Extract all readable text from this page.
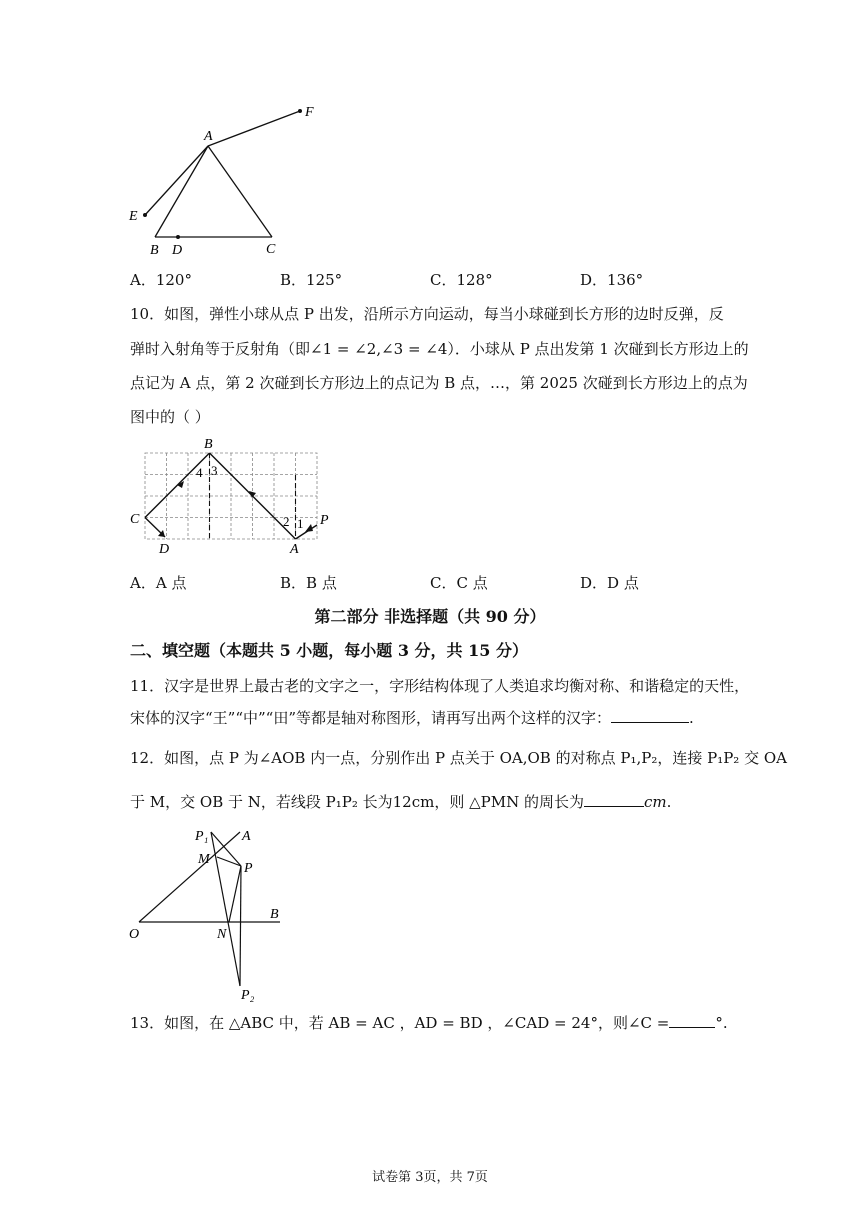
A
F
E
B D	C
A．120°	B．125°	C．128°	D．136°
10．如图，弹性小球从点 P 出发，沿所示方向运动，每当小球碰到长方形的边时反弹，反
弹时入射角等于反射角（即∠1 = ∠2,∠3 = ∠4）．小球从 P 点出发第 1 次碰到长方形边上的
点记为 A 点，第 2 次碰到长方形边上的点记为 B 点，…，第 2025 次碰到长方形边上的点为
图中的（ ）
B
C
D	A
P
2 1
4 3
A．A 点	B．B 点	C．C 点	D．D 点
第二部分 非选择题（共 90 分）
二、填空题（本题共 5 小题，每小题 3 分，共 15 分）
11．汉字是世界上最古老的文字之一，字形结构体现了人类追求均衡对称、和谐稳定的天性，
宋体的汉字“王”“中”“田”等都是轴对称图形，请再写出两个这样的汉字：	.
12．如图，点 P 为∠AOB 内一点，分别作出 P 点关于 OA,OB 的对称点 P₁,P₂，连接 P₁P₂ 交 OA
于 M，交 OB 于 N，若线段 P₁P₂ 长为12cm，则 △PMN 的周长为	cm.
P₁ A
M
P
B
O	N
P₂
13．如图，在 △ABC 中，若 AB = AC ，AD = BD ，∠CAD = 24°，则∠C =	°.
试卷第 3页，共 7页
